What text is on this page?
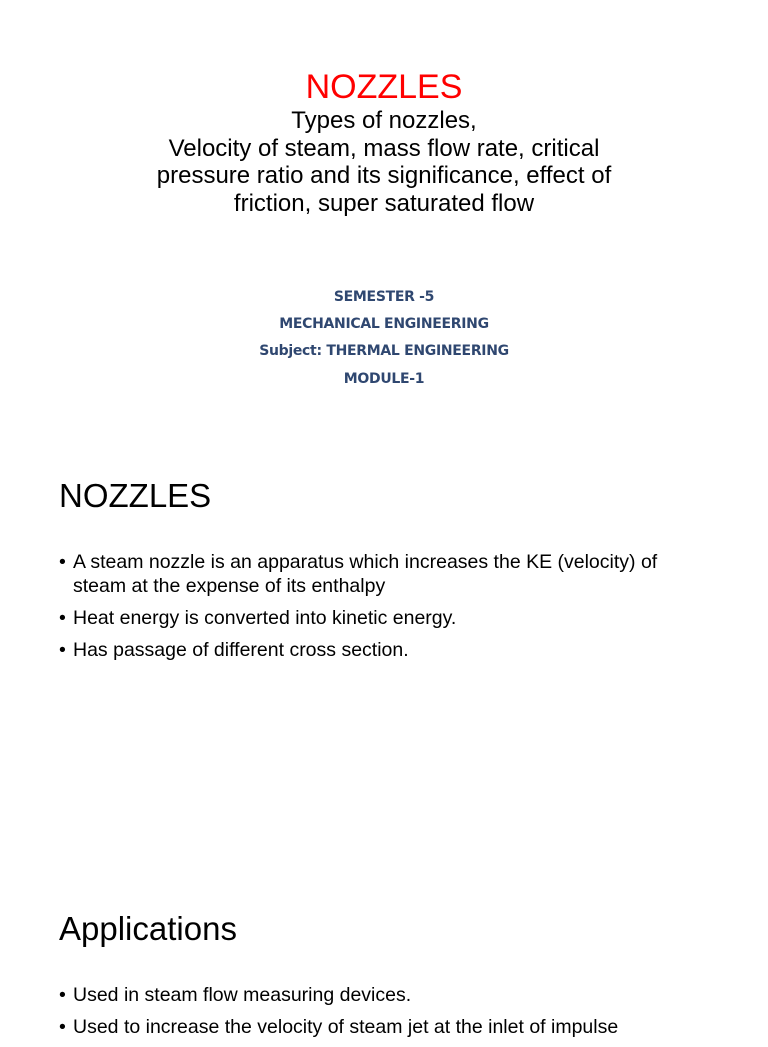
NOZZLES
Types of nozzles,
Velocity of steam, mass flow rate, critical
pressure ratio and its significance, effect of
friction, super saturated flow
SEMESTER -5
MECHANICAL ENGINEERING
Subject: THERMAL ENGINEERING
MODULE-1
NOZZLES
• A steam nozzle is an apparatus which increases the KE (velocity) of steam at the expense of its enthalpy
• Heat energy is converted into kinetic energy.
• Has passage of different cross section.
Applications
• Used in steam flow measuring devices.
• Used to increase the velocity of steam jet at the inlet of impulse
